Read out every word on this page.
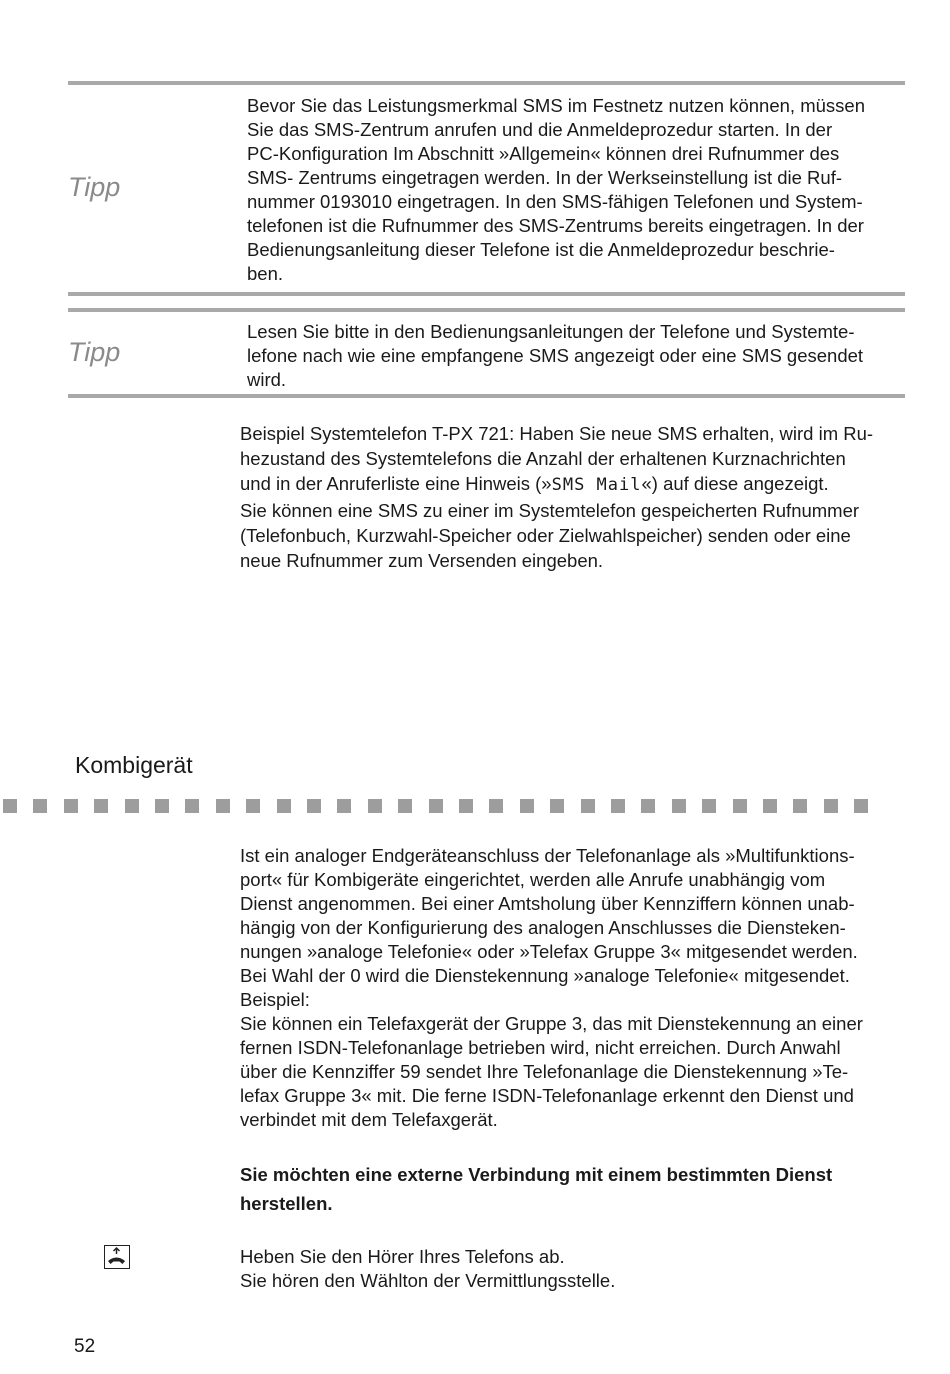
Tipp
Bevor Sie das Leistungsmerkmal SMS im Festnetz nutzen können, müssen
Sie das SMS-Zentrum anrufen und die Anmeldeprozedur starten. In der
PC-Konfiguration Im Abschnitt »Allgemein« können drei Rufnummer des
SMS- Zentrums eingetragen werden. In der Werkseinstellung ist die Ruf-
nummer 0193010 eingetragen. In den SMS-fähigen Telefonen und System-
telefonen ist die Rufnummer des SMS-Zentrums bereits eingetragen. In der
Bedienungsanleitung dieser Telefone ist die Anmeldeprozedur beschrie-
ben.
Tipp
Lesen Sie bitte in den Bedienungsanleitungen der Telefone und Systemte-
lefone nach wie eine empfangene SMS angezeigt oder eine SMS gesendet
wird.
Beispiel Systemtelefon T-PX 721: Haben Sie neue SMS erhalten, wird im Ru-
hezustand des Systemtelefons die Anzahl der erhaltenen Kurznachrichten
und in der Anruferliste eine Hinweis (»SMS Mail«) auf diese angezeigt.
Sie können eine SMS zu einer im Systemtelefon gespeicherten Rufnummer
(Telefonbuch, Kurzwahl-Speicher oder Zielwahlspeicher) senden oder eine
neue Rufnummer zum Versenden eingeben.
Kombigerät
Ist ein analoger Endgeräteanschluss der Telefonanlage als »Multifunktions-
port« für Kombigeräte eingerichtet, werden alle Anrufe unabhängig vom
Dienst angenommen. Bei einer Amtsholung über Kennziffern können unab-
hängig von der Konfigurierung des analogen Anschlusses die Diensteken-
nungen »analoge Telefonie« oder »Telefax Gruppe 3« mitgesendet werden.
Bei Wahl der 0 wird die Dienstekennung »analoge Telefonie« mitgesendet.
Beispiel:
Sie können ein Telefaxgerät der Gruppe 3, das mit Dienstekennung an einer
fernen ISDN-Telefonanlage betrieben wird, nicht erreichen. Durch Anwahl
über die Kennziffer 59 sendet Ihre Telefonanlage die Dienstekennung »Te-
lefax Gruppe 3« mit. Die ferne ISDN-Telefonanlage erkennt den Dienst und
verbindet mit dem Telefaxgerät.
Sie möchten eine externe Verbindung mit einem bestimmten Dienst
herstellen.
Heben Sie den Hörer Ihres Telefons ab.
Sie hören den Wählton der Vermittlungsstelle.
52
